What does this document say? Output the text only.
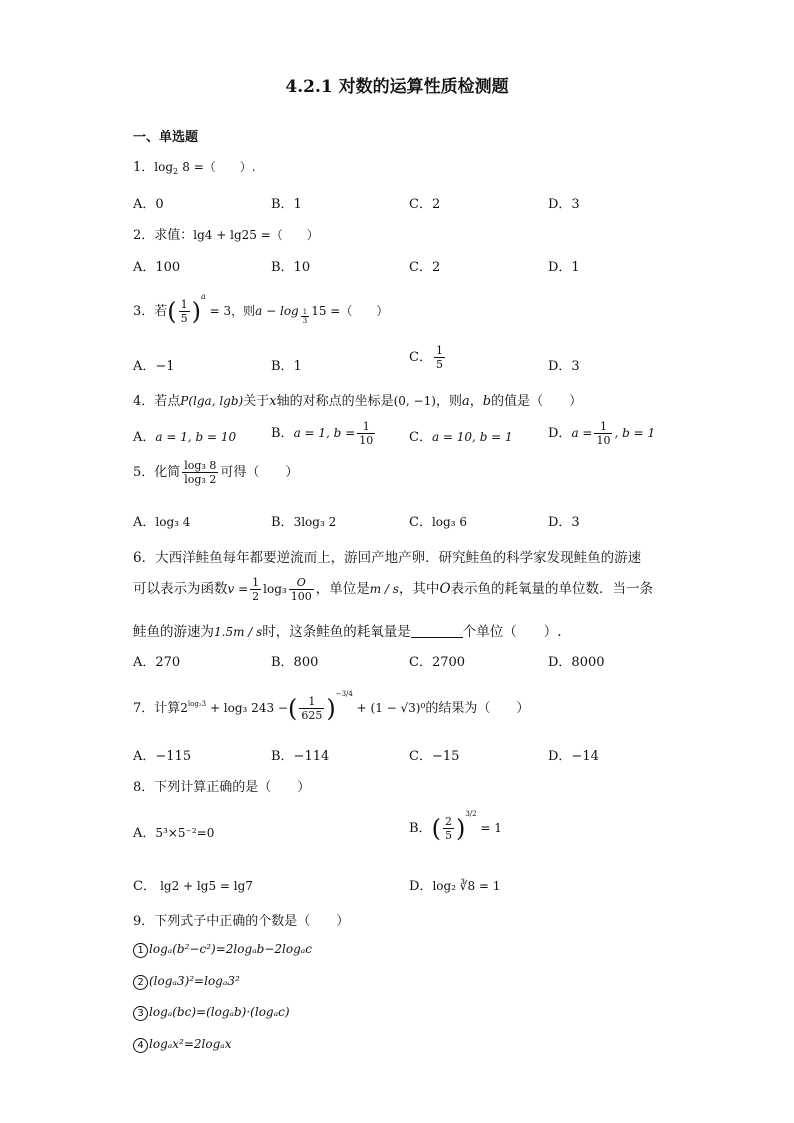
4.2.1 对数的运算性质检测题
一、单选题
1．$\log_2 8$ =（　　）.
A．0	B．1	C．2	D．3
2．求值：lg4 + lg25 =（　　）
A．100	B．10	C．2	D．1
3．若( $\frac{1}{5} )^a = 3$，则$a - \log \frac{1}{3} 15$ =（　　）
A．−1	B．1
C． $\frac{1}{5}$	D．3
4．若点P(lga, lgb)关于x轴的对称点的坐标是(0, −1)，则a，b的值是（　　）
A．a = 1, b = 10	B．a = 1, $b = \frac{1}{10}$	C．a = 10, b = 1	D．$a = \frac{1}{10}$ , b = 1
5．化简 $\frac{\text{log₃ 8}}{\text{log₃ 2}}$ 可得（　　）
A．log₃ 4	B．3log₃ 2	C．log₃ 6	D．3
6．大西洋鲑鱼每年都要逆流而上，游回产地产卵．研究鲑鱼的科学家发现鲑鱼的游速
可以表示为函数$v = \frac{1}{2} \log_3 \frac{O}{100}$ ，单位是m / s，其中O表示鱼的耗氧量的单位数．当一条
鲑鱼的游速为1.5m / s时，这条鲑鱼的耗氧量是	个单位（　　）.
A．270	B．800	C．2700	D．8000
7．计算$2^{log_23} + \log_3$ 243 −( $\frac{1}{625} )^{-3/4} + (1 - √3)^0$的结果为（　　）
A．−115	B．−114	C．−15	D．−14
8．下列计算正确的是（　　）
A．5³×5⁻²=0	B．( $\frac{2}{5} )^{3/2} = 1$
C． lg2 + lg5 = lg7	D．log₂ ∛8 = 1
9．下列式子中正确的个数是（　　）
1 logₐ(b²−c²)=2logₐb−2logₐc
2 (logₐ3)²=logₐ3²
3 logₐ(bc)=(logₐb)·(logₐc)
4 logₐx²=2logₐx
